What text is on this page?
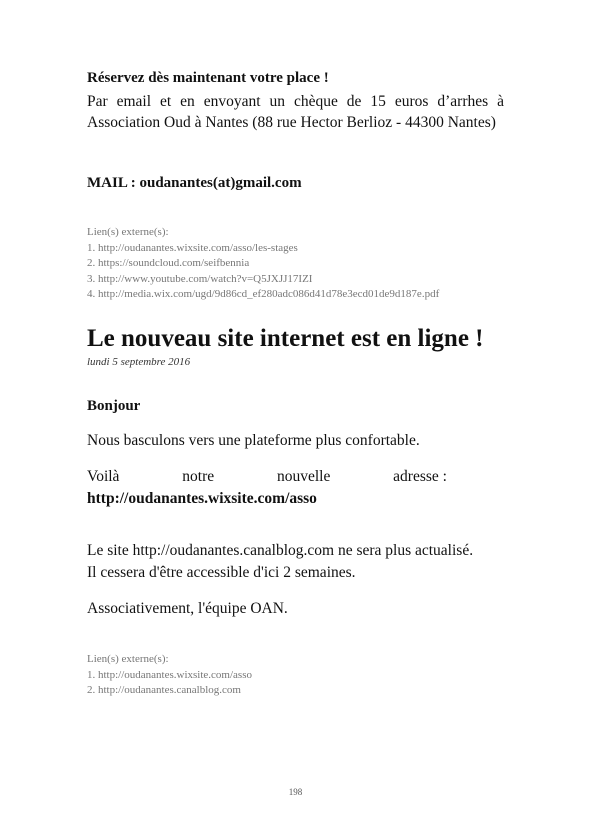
Réservez dès maintenant votre place !
Par email et en envoyant un chèque de 15 euros d’arrhes à Association Oud à Nantes (88 rue Hector Berlioz - 44300 Nantes)
MAIL : oudanantes(at)gmail.com
Lien(s) externe(s):
1. http://oudanantes.wixsite.com/asso/les-stages
2. https://soundcloud.com/seifbennia
3. http://www.youtube.com/watch?v=Q5JXJJ17IZI
4. http://media.wix.com/ugd/9d86cd_ef280adc086d41d78e3ecd01de9d187e.pdf
Le nouveau site internet est en ligne !
lundi 5 septembre 2016
Bonjour
Nous basculons vers une plateforme plus confortable.
Voilà	notre	nouvelle	adresse :
http://oudanantes.wixsite.com/asso
Le site http://oudanantes.canalblog.com ne sera plus actualisé.
Il cessera d'être accessible d'ici 2 semaines.
Associativement, l'équipe OAN.
Lien(s) externe(s):
1. http://oudanantes.wixsite.com/asso
2. http://oudanantes.canalblog.com
198
